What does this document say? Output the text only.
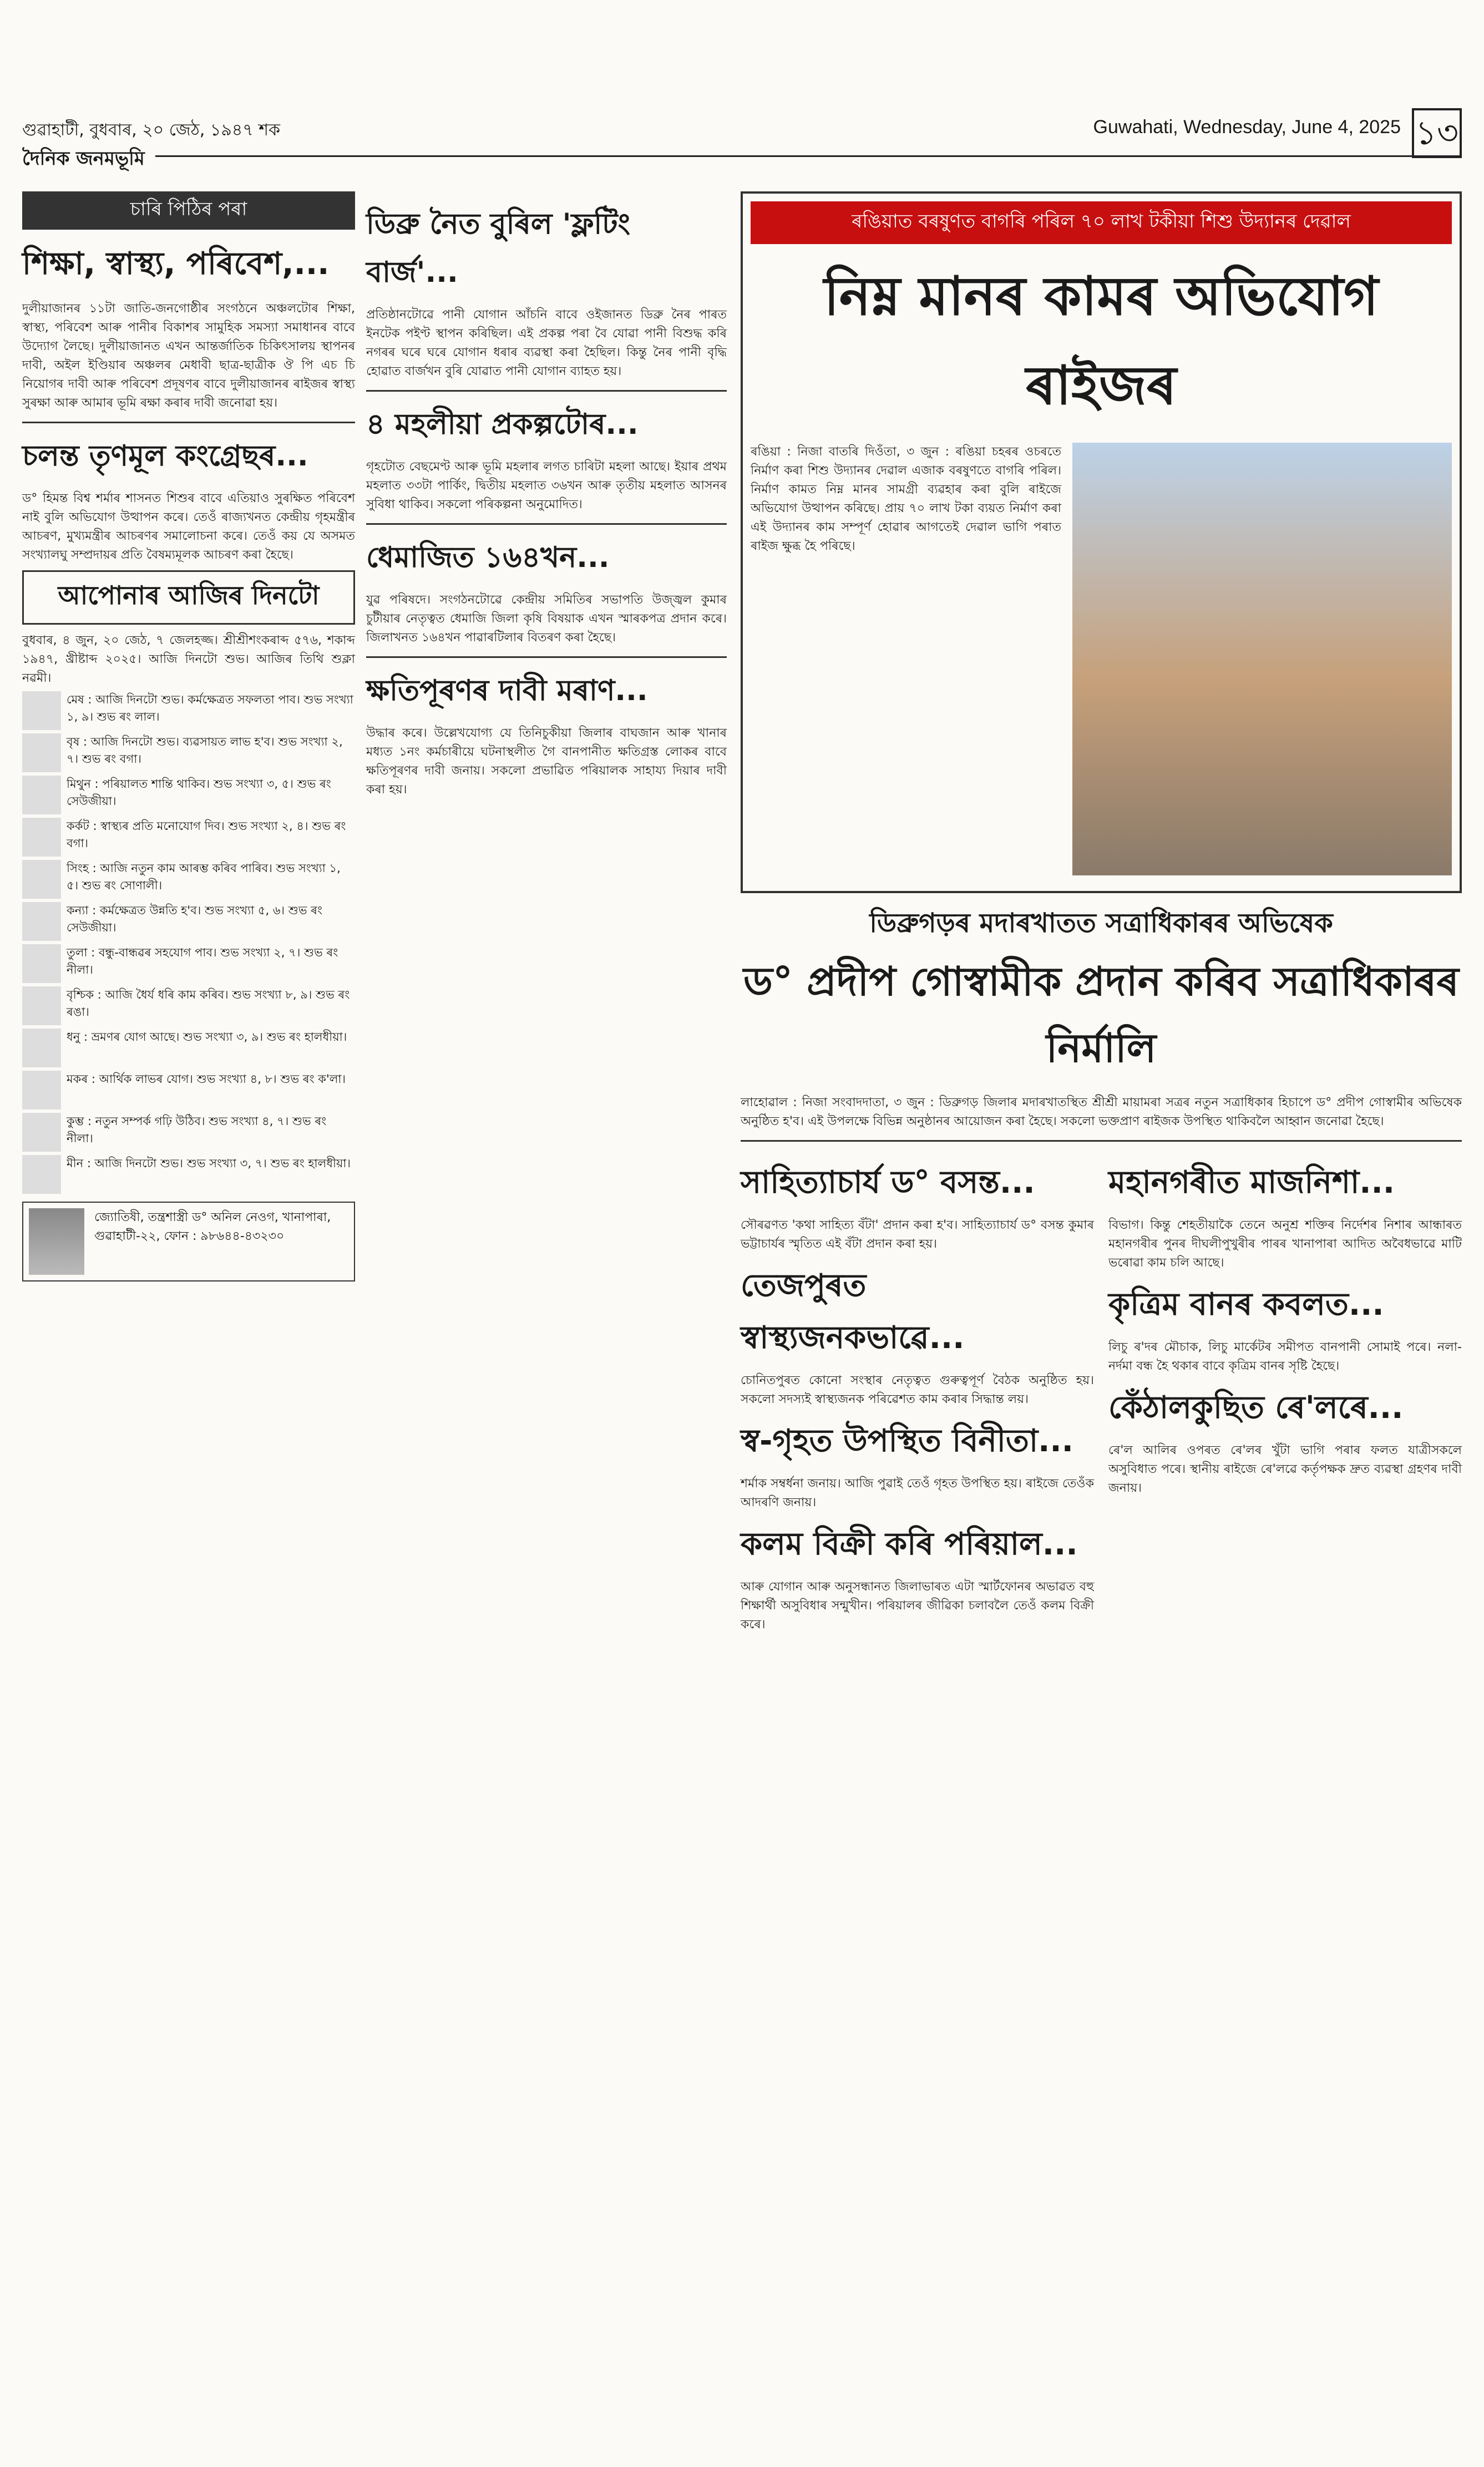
গুৱাহাটী, বুধবাৰ, ২০ জেঠ, ১৯৪৭ শক
দৈনিক জনমভূমি
Guwahati, Wednesday, June 4, 2025 ১৩
চাৰি পিঠিৰ পৰা
শিক্ষা, স্বাস্থ্য, পৰিবেশ,...

দুলীয়াজানৰ ১১টা জাতি-জনগোষ্ঠীৰ সংগঠনে অঞ্চলটোৰ শিক্ষা, স্বাস্থ্য, পৰিবেশ আৰু পানীৰ বিকাশৰ সামুহিক সমস্যা সমাধানৰ বাবে উদ্যোগ লৈছে। দুলীয়াজানত এখন আন্তৰ্জাতিক চিকিৎসালয় স্থাপনৰ দাবী, অইল ইণ্ডিয়াৰ অঞ্চলৰ মেধাবী ছাত্ৰ-ছাত্ৰীক ঔ পি এচ চি নিয়োগৰ দাবী আৰু পৰিবেশ প্ৰদূষণৰ বাবে দুলীয়াজানৰ ৰাইজৰ স্বাস্থ্য সুৰক্ষা আৰু আমাৰ ভূমি ৰক্ষা কৰাৰ দাবী জনোৱা হয়।

চলন্ত তৃণমূল কংগ্ৰেছৰ...

ড° হিমন্ত বিশ্ব শৰ্মাৰ শাসনত শিশুৰ বাবে এতিয়াও সুৰক্ষিত পৰিবেশ নাই বুলি অভিযোগ উত্থাপন কৰে। তেওঁ ৰাজ্যখনত কেন্দ্ৰীয় গৃহমন্ত্ৰীৰ আচৰণ, মুখ্যমন্ত্ৰীৰ আচৰণৰ সমালোচনা কৰে। তেওঁ কয় যে অসমত সংখ্যালঘু সম্প্ৰদায়ৰ প্ৰতি বৈষম্যমূলক আচৰণ কৰা হৈছে।

আপোনাৰ আজিৰ দিনটো

বুধবাৰ, ৪ জুন, ২০ জেঠ, ৭ জেলহজ্জ। শ্ৰীশ্ৰীশংকৰাব্দ ৫৭৬, শকাব্দ ১৯৪৭, খ্ৰীষ্টাব্দ ২০২৫। আজি দিনটো শুভ। আজিৰ তিথি শুক্লা নৱমী।

মেষ : আজি দিনটো শুভ। কৰ্মক্ষেত্ৰত সফলতা পাব। শুভ সংখ্যা ১, ৯। শুভ ৰং লাল।

বৃষ : আজি দিনটো শুভ। ব্যৱসায়ত লাভ হ'ব। শুভ সংখ্যা ২, ৭। শুভ ৰং বগা।

মিথুন : পৰিয়ালত শান্তি থাকিব। শুভ সংখ্যা ৩, ৫। শুভ ৰং সেউজীয়া।

কৰ্কট : স্বাস্থ্যৰ প্ৰতি মনোযোগ দিব। শুভ সংখ্যা ২, ৪। শুভ ৰং বগা।

সিংহ : আজি নতুন কাম আৰম্ভ কৰিব পাৰিব। শুভ সংখ্যা ১, ৫। শুভ ৰং সোণালী।

কন্যা : কৰ্মক্ষেত্ৰত উন্নতি হ'ব। শুভ সংখ্যা ৫, ৬। শুভ ৰং সেউজীয়া।

তুলা : বন্ধু-বান্ধৱৰ সহযোগ পাব। শুভ সংখ্যা ২, ৭। শুভ ৰং নীলা।

বৃশ্চিক : আজি ধৈৰ্য ধৰি কাম কৰিব। শুভ সংখ্যা ৮, ৯। শুভ ৰং ৰঙা।

ধনু : ভ্ৰমণৰ যোগ আছে। শুভ সংখ্যা ৩, ৯। শুভ ৰং হালধীয়া।

মকৰ : আৰ্থিক লাভৰ যোগ। শুভ সংখ্যা ৪, ৮। শুভ ৰং ক'লা।

কুম্ভ : নতুন সম্পৰ্ক গঢ়ি উঠিব। শুভ সংখ্যা ৪, ৭। শুভ ৰং নীলা।

মীন : আজি দিনটো শুভ। শুভ সংখ্যা ৩, ৭। শুভ ৰং হালধীয়া।

জ্যোতিষী, তন্ত্ৰশাস্ত্ৰী ড° অনিল নেওগ, খানাপাৰা, গুৱাহাটী-২২, ফোন : ৯৮৬৪৪-৪৩২৩০

ডিব্ৰু নৈত বুৰিল 'ফ্লটিং বাৰ্জ'...

প্ৰতিষ্ঠানটোৱে পানী যোগান আঁচনি বাবে ওইজানত ডিব্ৰু নৈৰ পাৰত ইনটেক পইণ্ট স্থাপন কৰিছিল। এই প্ৰকল্প পৰা বৈ যোৱা পানী বিশুদ্ধ কৰি নগৰৰ ঘৰে ঘৰে যোগান ধৰাৰ ব্যৱস্থা কৰা হৈছিল। কিন্তু নৈৰ পানী বৃদ্ধি হোৱাত বাৰ্জখন বুৰি যোৱাত পানী যোগান ব্যাহত হয়।

৪ মহলীয়া প্ৰকল্পটোৰ...

গৃহটোত বেছমেণ্ট আৰু ভূমি মহলাৰ লগত চাৰিটা মহলা আছে। ইয়াৰ প্ৰথম মহলাত ৩৩টা পাৰ্কিং, দ্বিতীয় মহলাত ৩৬খন আৰু তৃতীয় মহলাত আসনৰ সুবিধা থাকিব। সকলো পৰিকল্পনা অনুমোদিত।

ধেমাজিত ১৬৪খন...

যুৱ পৰিষদে। সংগঠনটোৱে কেন্দ্ৰীয় সমিতিৰ সভাপতি উজ্জ্বল কুমাৰ চুটীয়াৰ নেতৃত্বত ধেমাজি জিলা কৃষি বিষয়াক এখন স্মাৰকপত্ৰ প্ৰদান কৰে। জিলাখনত ১৬৪খন পাৱাৰটিলাৰ বিতৰণ কৰা হৈছে।

ক্ষতিপূৰণৰ দাবী মৰাণ...

উদ্ধাৰ কৰে। উল্লেখযোগ্য যে তিনিচুকীয়া জিলাৰ বাঘজান আৰু খানাৰ মধ্যত ১নং কৰ্মচাৰীয়ে ঘটনাস্থলীত গৈ বানপানীত ক্ষতিগ্ৰস্ত লোকৰ বাবে ক্ষতিপূৰণৰ দাবী জনায়। সকলো প্ৰভাৱিত পৰিয়ালক সাহায্য দিয়াৰ দাবী কৰা হয়।

ৰঙিয়াত বৰষুণত বাগৰি পৰিল ৭০ লাখ টকীয়া শিশু উদ্যানৰ দেৱাল
নিম্ন মানৰ কামৰ অভিযোগ ৰাইজৰ

ৰঙিয়া : নিজা বাতৰি দিওঁতা, ৩ জুন : ৰঙিয়া চহৰৰ ওচৰতে নিৰ্মাণ কৰা শিশু উদ্যানৰ দেৱাল এজাক বৰষুণতে বাগৰি পৰিল। নিৰ্মাণ কামত নিম্ন মানৰ সামগ্ৰী ব্যৱহাৰ কৰা বুলি ৰাইজে অভিযোগ উত্থাপন কৰিছে। প্ৰায় ৭০ লাখ টকা ব্যয়ত নিৰ্মাণ কৰা এই উদ্যানৰ কাম সম্পূৰ্ণ হোৱাৰ আগতেই দেৱাল ভাগি পৰাত ৰাইজ ক্ষুব্ধ হৈ পৰিছে।

ডিব্ৰুগড়ৰ মদাৰখাতত সত্ৰাধিকাৰৰ অভিষেক
ড° প্ৰদীপ গোস্বামীক প্ৰদান কৰিব সত্ৰাধিকাৰৰ নিৰ্মালি

লাহোৱাল : নিজা সংবাদদাতা, ৩ জুন : ডিব্ৰুগড় জিলাৰ মদাৰখাতস্থিত শ্ৰীশ্ৰী মায়ামৰা সত্ৰৰ নতুন সত্ৰাধিকাৰ হিচাপে ড° প্ৰদীপ গোস্বামীৰ অভিষেক অনুষ্ঠিত হ'ব। এই উপলক্ষে বিভিন্ন অনুষ্ঠানৰ আয়োজন কৰা হৈছে। সকলো ভক্তপ্ৰাণ ৰাইজক উপস্থিত থাকিবলৈ আহ্বান জনোৱা হৈছে।

সাহিত্যাচাৰ্য ড° বসন্ত...

সৌৰৱণত 'কথা সাহিত্য বঁটা' প্ৰদান কৰা হ'ব। সাহিত্যাচাৰ্য ড° বসন্ত কুমাৰ ভট্টাচাৰ্যৰ স্মৃতিত এই বঁটা প্ৰদান কৰা হয়।

তেজপুৰত স্বাস্থ্যজনকভাৱে...

চোনিতপুৰত কোনো সংস্থাৰ নেতৃত্বত গুৰুত্বপূৰ্ণ বৈঠক অনুষ্ঠিত হয়। সকলো সদস্যই স্বাস্থ্যজনক পৰিৱেশত কাম কৰাৰ সিদ্ধান্ত লয়।

স্ব-গৃহত উপস্থিত বিনীতা...

শৰ্মাক সম্বৰ্ধনা জনায়। আজি পুৱাই তেওঁ গৃহত উপস্থিত হয়। ৰাইজে তেওঁক আদৰণি জনায়।

কলম বিক্ৰী কৰি পৰিয়াল...

আৰু যোগান আৰু অনুসন্ধানত জিলাভাৰত এটা স্মাৰ্টফোনৰ অভাৱত বহু শিক্ষাৰ্থী অসুবিধাৰ সন্মুখীন। পৰিয়ালৰ জীৱিকা চলাবলৈ তেওঁ কলম বিক্ৰী কৰে।

মহানগৰীত মাজনিশা...

বিভাগ। কিন্তু শেহতীয়াকৈ তেনে অনুশ্ৰ শক্তিৰ নিৰ্দেশৰ নিশাৰ আন্ধাৰত মহানগৰীৰ পুনৰ দীঘলীপুখুৰীৰ পাৰৰ খানাপাৰা আদিত অবৈধভাৱে মাটি ভৰোৱা কাম চলি আছে।

কৃত্ৰিম বানৰ কবলত...

লিচু ৰ'দৰ মৌচাক, লিচু মাৰ্কেটৰ সমীপত বানপানী সোমাই পৰে। নলা-নৰ্দমা বন্ধ হৈ থকাৰ বাবে কৃত্ৰিম বানৰ সৃষ্টি হৈছে।

কেঁঠালকুছিত ৰে'লৰে...

ৰে'ল আলিৰ ওপৰত ৰে'লৰ খুঁটা ভাগি পৰাৰ ফলত যাত্ৰীসকলে অসুবিধাত পৰে। স্থানীয় ৰাইজে ৰে'লৱে কৰ্তৃপক্ষক দ্ৰুত ব্যৱস্থা গ্ৰহণৰ দাবী জনায়।
